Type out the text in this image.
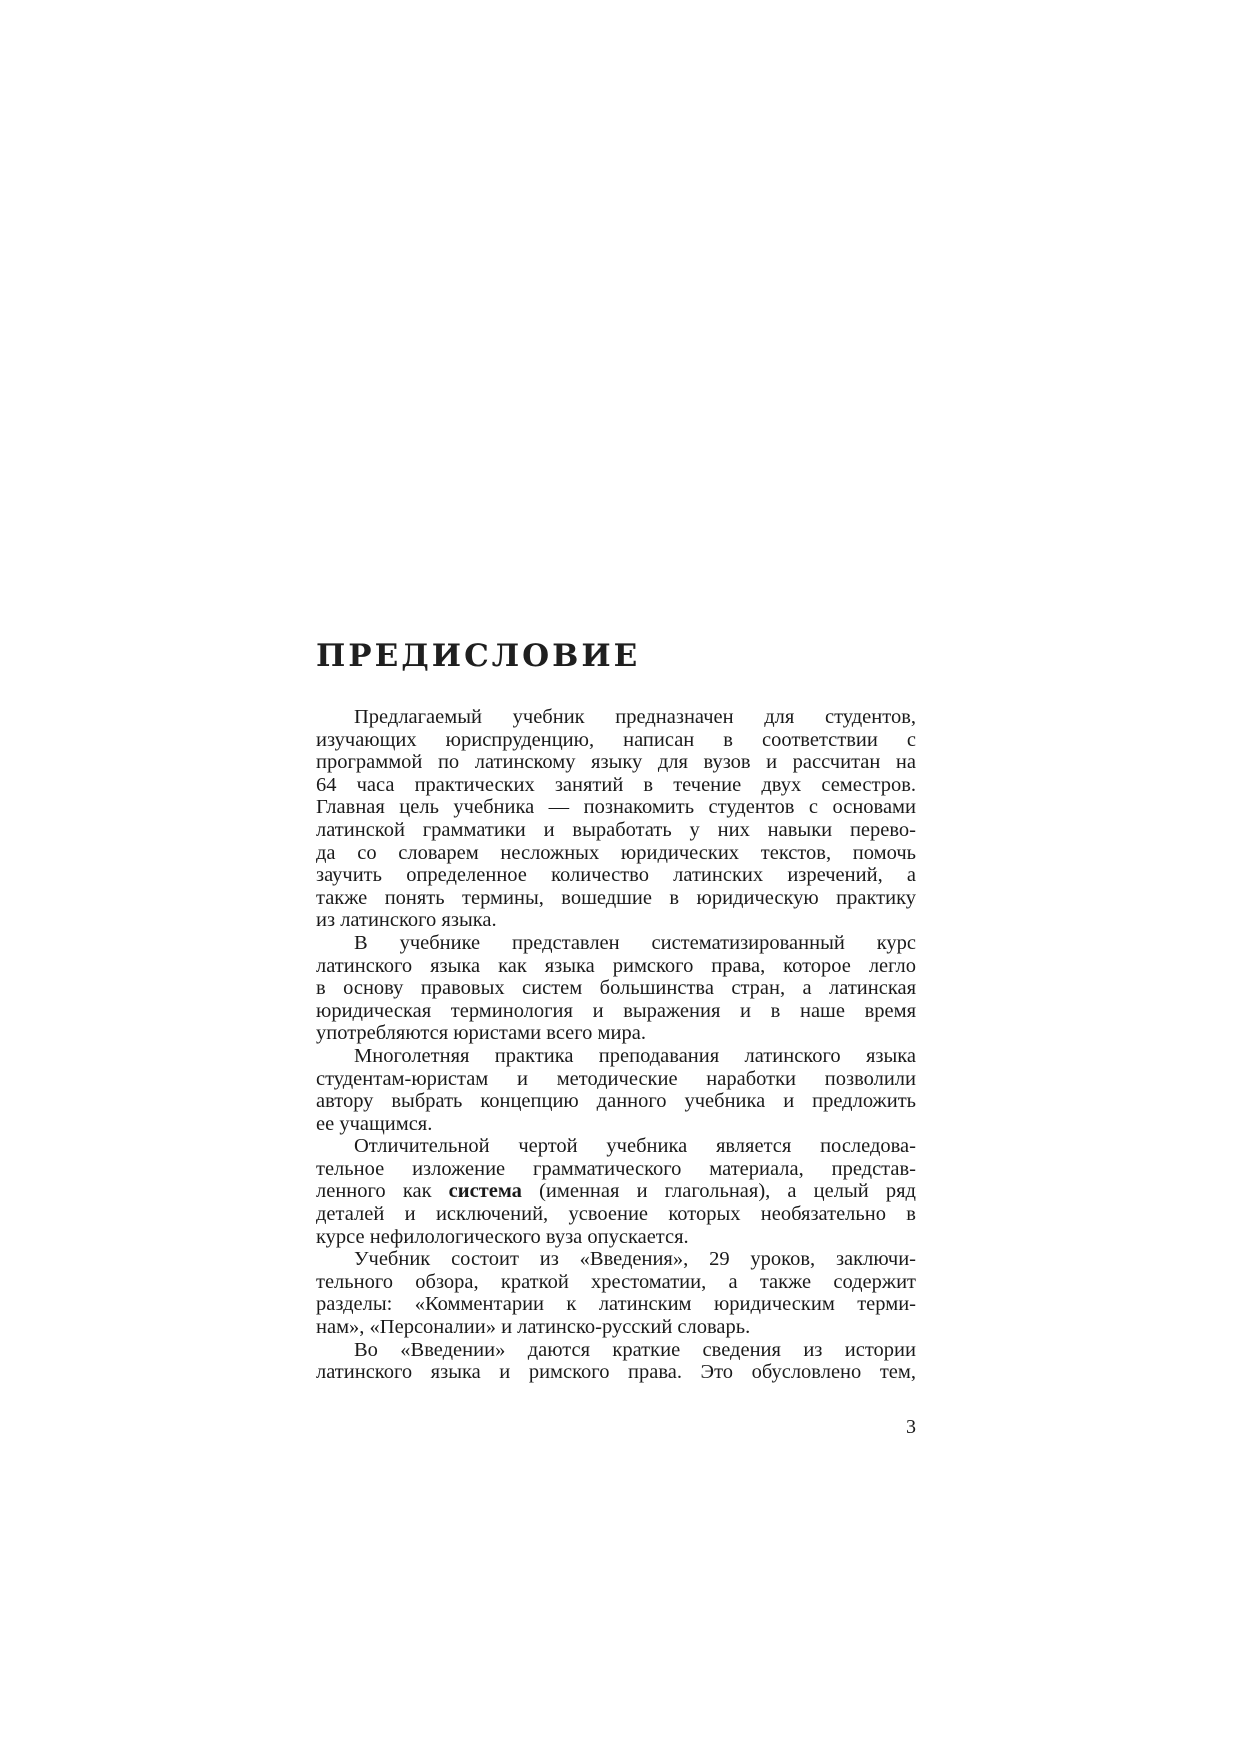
ПРЕДИСЛОВИЕ
Предлагаемый учебник предназначен для студентов,
изучающих юриспруденцию, написан в соответствии с
программой по латинскому языку для вузов и рассчитан на
64 часа практических занятий в течение двух семестров.
Главная цель учебника — познакомить студентов с основами
латинской грамматики и выработать у них навыки перево-
да со словарем несложных юридических текстов, помочь
заучить определенное количество латинских изречений, а
также понять термины, вошедшие в юридическую практику
из латинского языка.
В учебнике представлен систематизированный курс
латинского языка как языка римского права, которое легло
в основу правовых систем большинства стран, а латинская
юридическая терминология и выражения и в наше время
употребляются юристами всего мира.
Многолетняя практика преподавания латинского языка
студентам-юристам и методические наработки позволили
автору выбрать концепцию данного учебника и предложить
ее учащимся.
Отличительной чертой учебника является последова-
тельное изложение грамматического материала, представ-
ленного как система (именная и глагольная), а целый ряд
деталей и исключений, усвоение которых необязательно в
курсе нефилологического вуза опускается.
Учебник состоит из «Введения», 29 уроков, заключи-
тельного обзора, краткой хрестоматии, а также содержит
разделы: «Комментарии к латинским юридическим терми-
нам», «Персоналии» и латинско-русский словарь.
Во «Введении» даются краткие сведения из истории
латинского языка и римского права. Это обусловлено тем,
3
